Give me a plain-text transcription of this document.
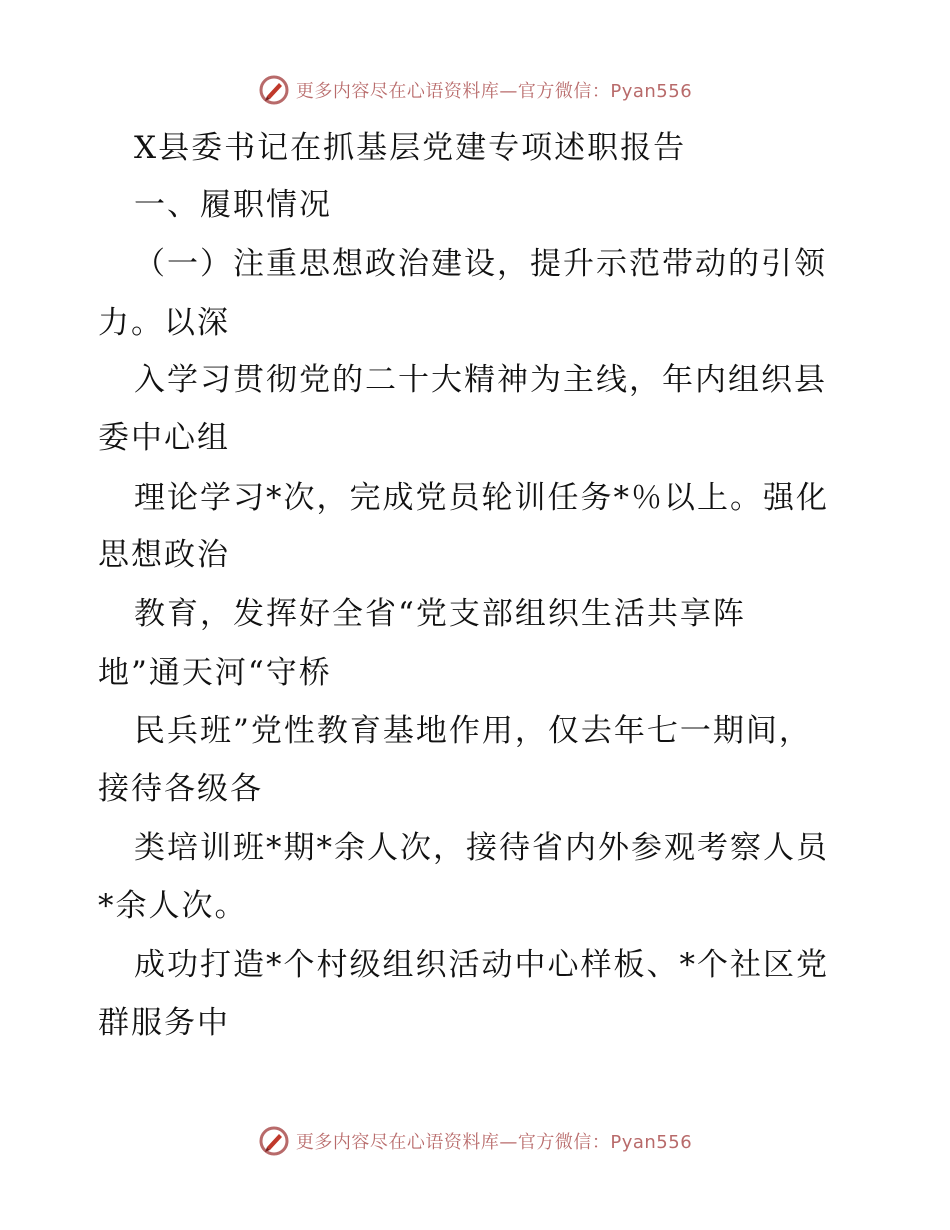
更多内容尽在心语资料库—官方微信：Pyan556
X县委书记在抓基层党建专项述职报告
一、履职情况
（一）注重思想政治建设，提升示范带动的引领
力。以深
入学习贯彻党的二十大精神为主线，年内组织县
委中心组
理论学习*次，完成党员轮训任务*％以上。强化
思想政治
教育，发挥好全省“党支部组织生活共享阵
地”通天河“守桥
民兵班”党性教育基地作用，仅去年七一期间，
接待各级各
类培训班*期*余人次，接待省内外参观考察人员
*余人次。
成功打造*个村级组织活动中心样板、*个社区党
群服务中
更多内容尽在心语资料库—官方微信：Pyan556
